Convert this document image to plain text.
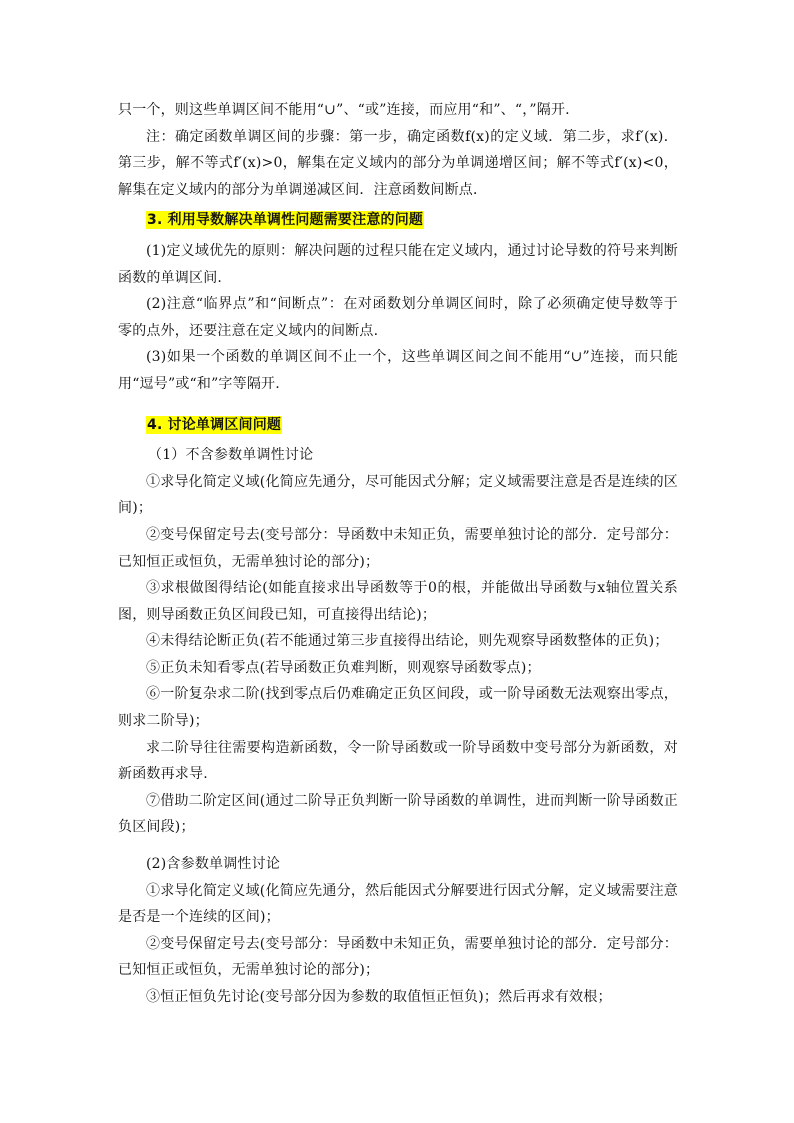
只一个，则这些单调区间不能用“∪”、“或”连接，而应用“和”、“，”隔开.

注：确定函数单调区间的步骤：第一步，确定函数f(x)的定义域．第二步，求f′(x)．第三步，解不等式f′(x)>0，解集在定义域内的部分为单调递增区间；解不等式f′(x)<0，解集在定义域内的部分为单调递减区间．注意函数间断点．

3. 利用导数解决单调性问题需要注意的问题

(1)定义域优先的原则：解决问题的过程只能在定义域内，通过讨论导数的符号来判断函数的单调区间.

(2)注意“临界点”和“间断点”：在对函数划分单调区间时，除了必须确定使导数等于零的点外，还要注意在定义域内的间断点.

(3)如果一个函数的单调区间不止一个，这些单调区间之间不能用“∪”连接，而只能用“逗号”或“和”字等隔开.

4. 讨论单调区间问题

（1）不含参数单调性讨论

①求导化简定义域(化简应先通分，尽可能因式分解；定义域需要注意是否是连续的区间)；

②变号保留定号去(变号部分：导函数中未知正负，需要单独讨论的部分．定号部分：已知恒正或恒负，无需单独讨论的部分)；

③求根做图得结论(如能直接求出导函数等于0的根，并能做出导函数与x轴位置关系图，则导函数正负区间段已知，可直接得出结论)；

④未得结论断正负(若不能通过第三步直接得出结论，则先观察导函数整体的正负)；

⑤正负未知看零点(若导函数正负难判断，则观察导函数零点)；

⑥一阶复杂求二阶(找到零点后仍难确定正负区间段，或一阶导函数无法观察出零点，则求二阶导)；

求二阶导往往需要构造新函数，令一阶导函数或一阶导函数中变号部分为新函数，对新函数再求导.

⑦借助二阶定区间(通过二阶导正负判断一阶导函数的单调性，进而判断一阶导函数正负区间段)；

(2)含参数单调性讨论

①求导化简定义域(化简应先通分，然后能因式分解要进行因式分解，定义域需要注意是否是一个连续的区间)；

②变号保留定号去(变号部分：导函数中未知正负，需要单独讨论的部分．定号部分：已知恒正或恒负，无需单独讨论的部分)；

③恒正恒负先讨论(变号部分因为参数的取值恒正恒负)；然后再求有效根；
